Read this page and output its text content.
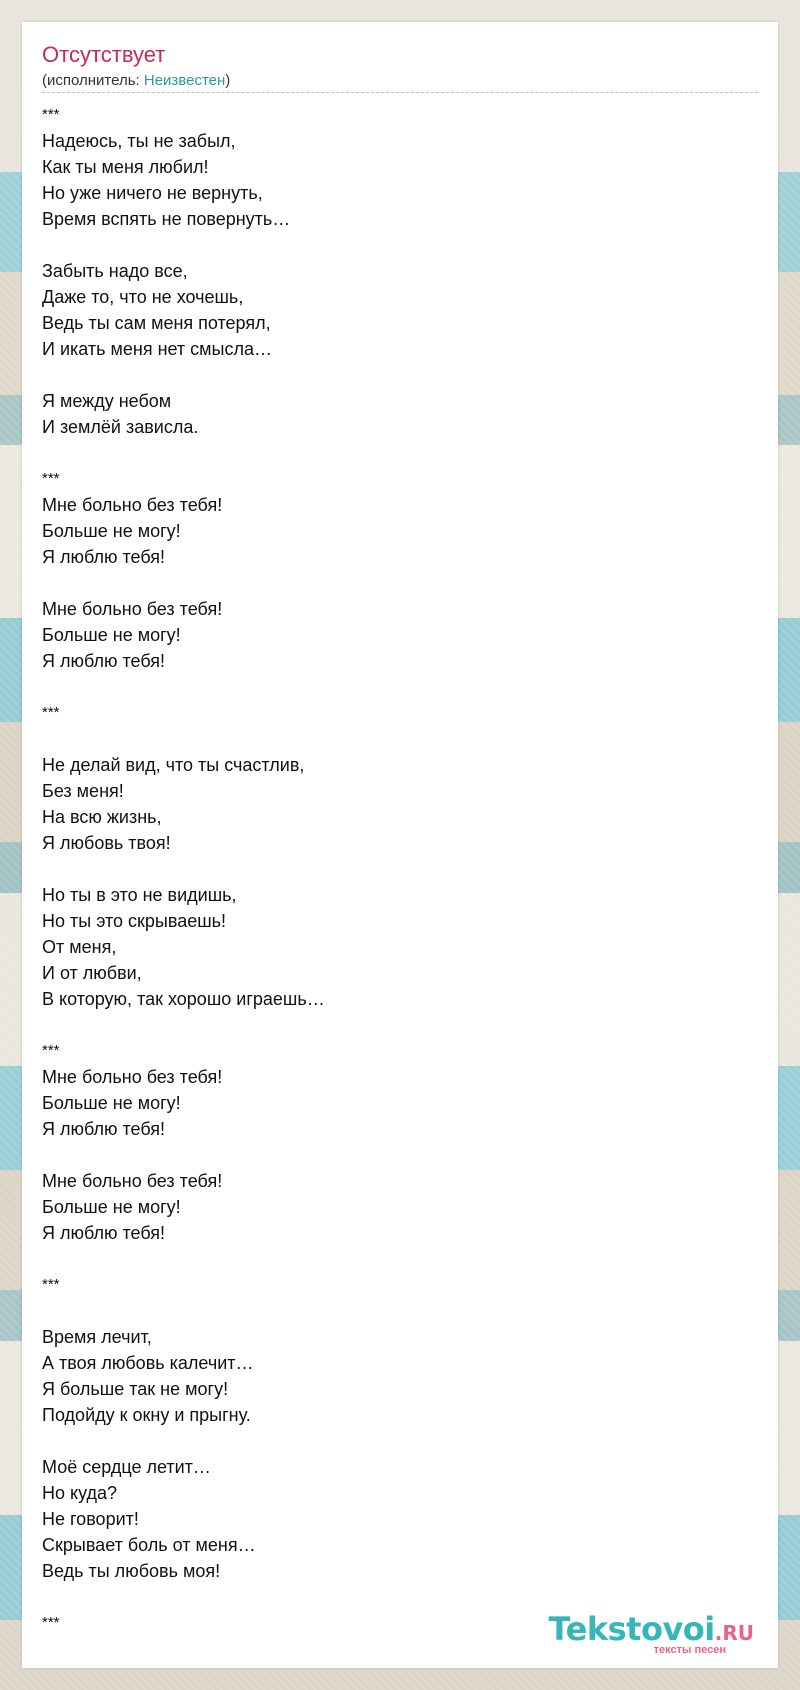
Отсутствует
(исполнитель: Неизвестен)
***
Надеюсь, ты не забыл,
Как ты меня любил!
Но уже ничего не вернуть,
Время вспять не повернуть…
Забыть надо все,
Даже то, что не хочешь,
Ведь ты сам меня потерял,
И икать меня нет смысла…
Я между небом
И землёй зависла.
***
Мне больно без тебя!
Больше не могу!
Я люблю тебя!
Мне больно без тебя!
Больше не могу!
Я люблю тебя!
***
Не делай вид, что ты счастлив,
Без меня!
На всю жизнь,
Я любовь твоя!
Но ты в это не видишь,
Но ты это скрываешь!
От меня,
И от любви,
В которую, так хорошо играешь…
***
Мне больно без тебя!
Больше не могу!
Я люблю тебя!
Мне больно без тебя!
Больше не могу!
Я люблю тебя!
***
Время лечит,
А твоя любовь калечит…
Я больше так не могу!
Подойду к окну и прыгну.
Моё сердце летит…
Но куда?
Не говорит!
Скрывает боль от меня…
Ведь ты любовь моя!
***	Tekstovoi.RU
тексты песен
